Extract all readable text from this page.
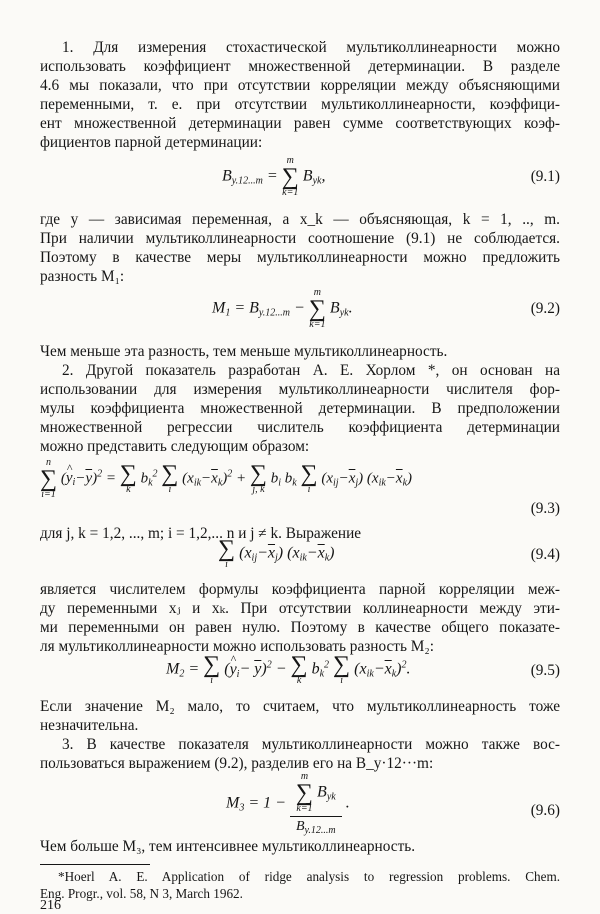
1. Для измерения стохастической мультиколлинеарности можно
использовать коэффициент множественной детерминации. В разделе
4.6 мы показали, что при отсутствии корреляции между объясняющими
переменными, т. е. при отсутствии мультиколлинеарности, коэффици-
ент множественной детерминации равен сумме соответствующих коэф-
фициентов парной детерминации:
$B_{y.12...m}$ =
m
∑
k=1
$B_{yk}$,	(9.1)
где y — зависимая переменная, а x_k — объясняющая, k = 1, .., m.
При наличии мультиколлинеарности соотношение (9.1) не соблюдается.
Поэтому в качестве меры мультиколлинеарности можно предложить
разность M₁:
$M_1 = B_{y.12...m}$ −
m
∑
k=1
$B_{yk}$.	(9.2)
Чем меньше эта разность, тем меньше мультиколлинеарность.
2. Другой показатель разработан А. Е. Хорлом *, он основан на
использовании для измерения мультиколлинеарности числителя фор-
мулы коэффициента множественной детерминации. В предположении
множественной регрессии числитель коэффициента детерминации
можно представить следующим образом:
n
∑
i=1
(^ $y_i-\overline{y})^2$ = ∑
k
$b_k^2$ ∑
i
$(x_{ik}-\overline{x}_k)^2$ + ∑
j, k
$b_i$ $b_k$ ∑
i
$(x_{ij}-\overline{x}_j)$ $(x_{ik}-\overline{x}_k)$
(9.3)
для j, k = 1,2, ..., m; i = 1,2,... n и j ≠ k. Выражение
∑
i
$(x_{ij}-\overline{x}_j)$ $(x_{ik}-\overline{x}_k)$	(9.4)
является числителем формулы коэффициента парной корреляции меж-
ду переменными xⱼ и xₖ. При отсутствии коллинеарности между эти-
ми переменными он равен нулю. Поэтому в качестве общего показате-
ля мультиколлинеарности можно использовать разность M₂:
$M_2$ = ∑
i
(^ $y_i- \overline{y})^2$ − ∑
k
$b_k^2$ ∑
i
$(x_{ik}-\overline{x}_k)^2$.	(9.5)
Если значение M₂ мало, то считаем, что мультиколлинеарность тоже
незначительна.
3. В качестве показателя мультиколлинеарности можно также вос-
пользоваться выражением (9.2), разделив его на B_y·12···m:
$M_3 = 1 - m$
∑
k=1
$B_{yk}$
$B_{y.12...m}$ .	(9.6)
Чем больше M₃, тем интенсивнее мультиколлинеарность.
*Hoerl A. E. Application of ridge analysis to regression problems. Chem.
Eng. Progr., vol. 58, N 3, March 1962.
216
